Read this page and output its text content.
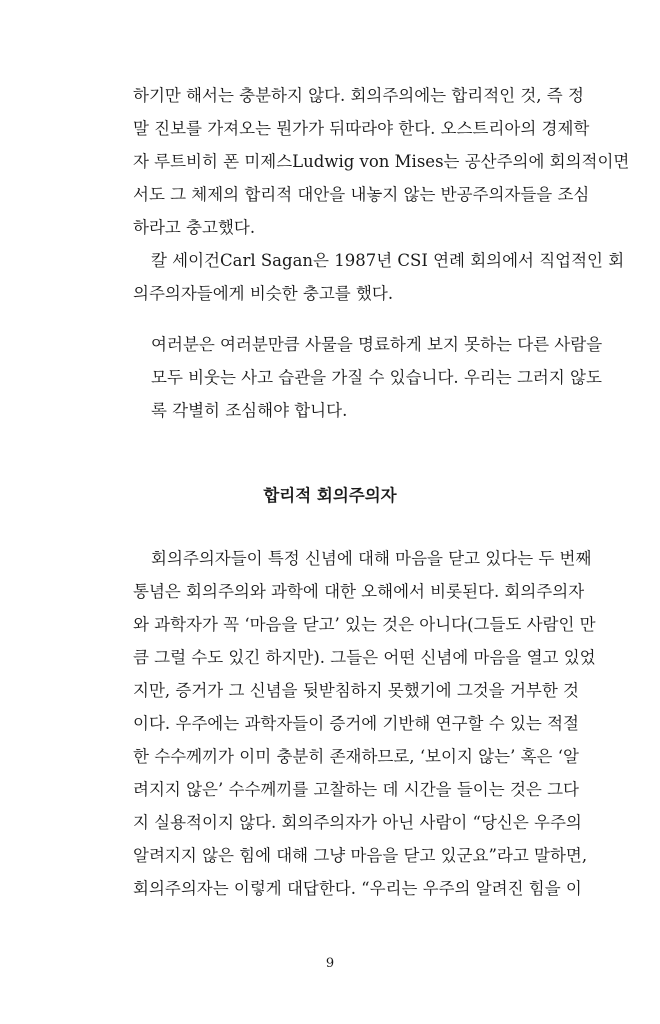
하기만 해서는 충분하지 않다. 회의주의에는 합리적인 것, 즉 정
말 진보를 가져오는 뭔가가 뒤따라야 한다. 오스트리아의 경제학
자 루트비히 폰 미제스Ludwig von Mises는 공산주의에 회의적이면
서도 그 체제의 합리적 대안을 내놓지 않는 반공주의자들을 조심
하라고 충고했다.
칼 세이건Carl Sagan은 1987년 CSI 연례 회의에서 직업적인 회
의주의자들에게 비슷한 충고를 했다.
여러분은 여러분만큼 사물을 명료하게 보지 못하는 다른 사람을
모두 비웃는 사고 습관을 가질 수 있습니다. 우리는 그러지 않도
록 각별히 조심해야 합니다.
합리적 회의주의자
회의주의자들이 특정 신념에 대해 마음을 닫고 있다는 두 번째
통념은 회의주의와 과학에 대한 오해에서 비롯된다. 회의주의자
와 과학자가 꼭 ‘마음을 닫고’ 있는 것은 아니다(그들도 사람인 만
큼 그럴 수도 있긴 하지만). 그들은 어떤 신념에 마음을 열고 있었
지만, 증거가 그 신념을 뒷받침하지 못했기에 그것을 거부한 것
이다. 우주에는 과학자들이 증거에 기반해 연구할 수 있는 적절
한 수수께끼가 이미 충분히 존재하므로, ‘보이지 않는’ 혹은 ‘알
려지지 않은’ 수수께끼를 고찰하는 데 시간을 들이는 것은 그다
지 실용적이지 않다. 회의주의자가 아닌 사람이 “당신은 우주의
알려지지 않은 힘에 대해 그냥 마음을 닫고 있군요”라고 말하면,
회의주의자는 이렇게 대답한다. “우리는 우주의 알려진 힘을 이
9
